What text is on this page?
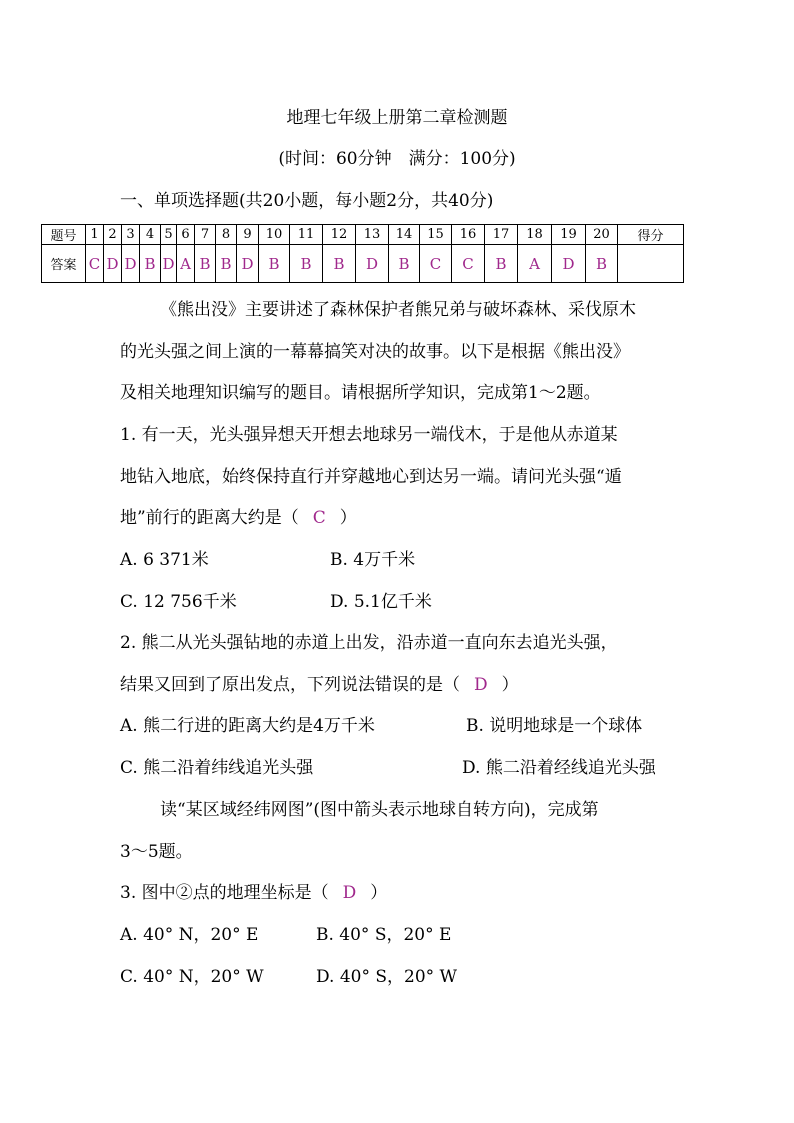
地理七年级上册第二章检测题
(时间：60分钟　满分：100分)
一、单项选择题(共20小题，每小题2分，共40分)
题号	1	2	3	4	5	6	7	8	9	10	11	12	13	14	15	16	17	18	19	20	得分
答案	C	D	D	B	D	A	B	B	D	B	B	B	D	B	C	C	B	A	D	B	
《熊出没》主要讲述了森林保护者熊兄弟与破坏森林、采伐原木
的光头强之间上演的一幕幕搞笑对决的故事。以下是根据《熊出没》
及相关地理知识编写的题目。请根据所学知识，完成第1～2题。
1. 有一天，光头强异想天开想去地球另一端伐木，于是他从赤道某
地钻入地底，始终保持直行并穿越地心到达另一端。请问光头强“遁
地”前行的距离大约是（ C ）
A. 6 371米	B. 4万千米
C. 12 756千米	D. 5.1亿千米
2. 熊二从光头强钻地的赤道上出发，沿赤道一直向东去追光头强，
结果又回到了原出发点，下列说法错误的是（ D ）
A. 熊二行进的距离大约是4万千米	B. 说明地球是一个球体
C. 熊二沿着纬线追光头强	D. 熊二沿着经线追光头强
读“某区域经纬网图”(图中箭头表示地球自转方向)，完成第
3～5题。
3. 图中②点的地理坐标是（ D ）
A. 40° N，20° E	B. 40° S，20° E
C. 40° N，20° W	D. 40° S，20° W
